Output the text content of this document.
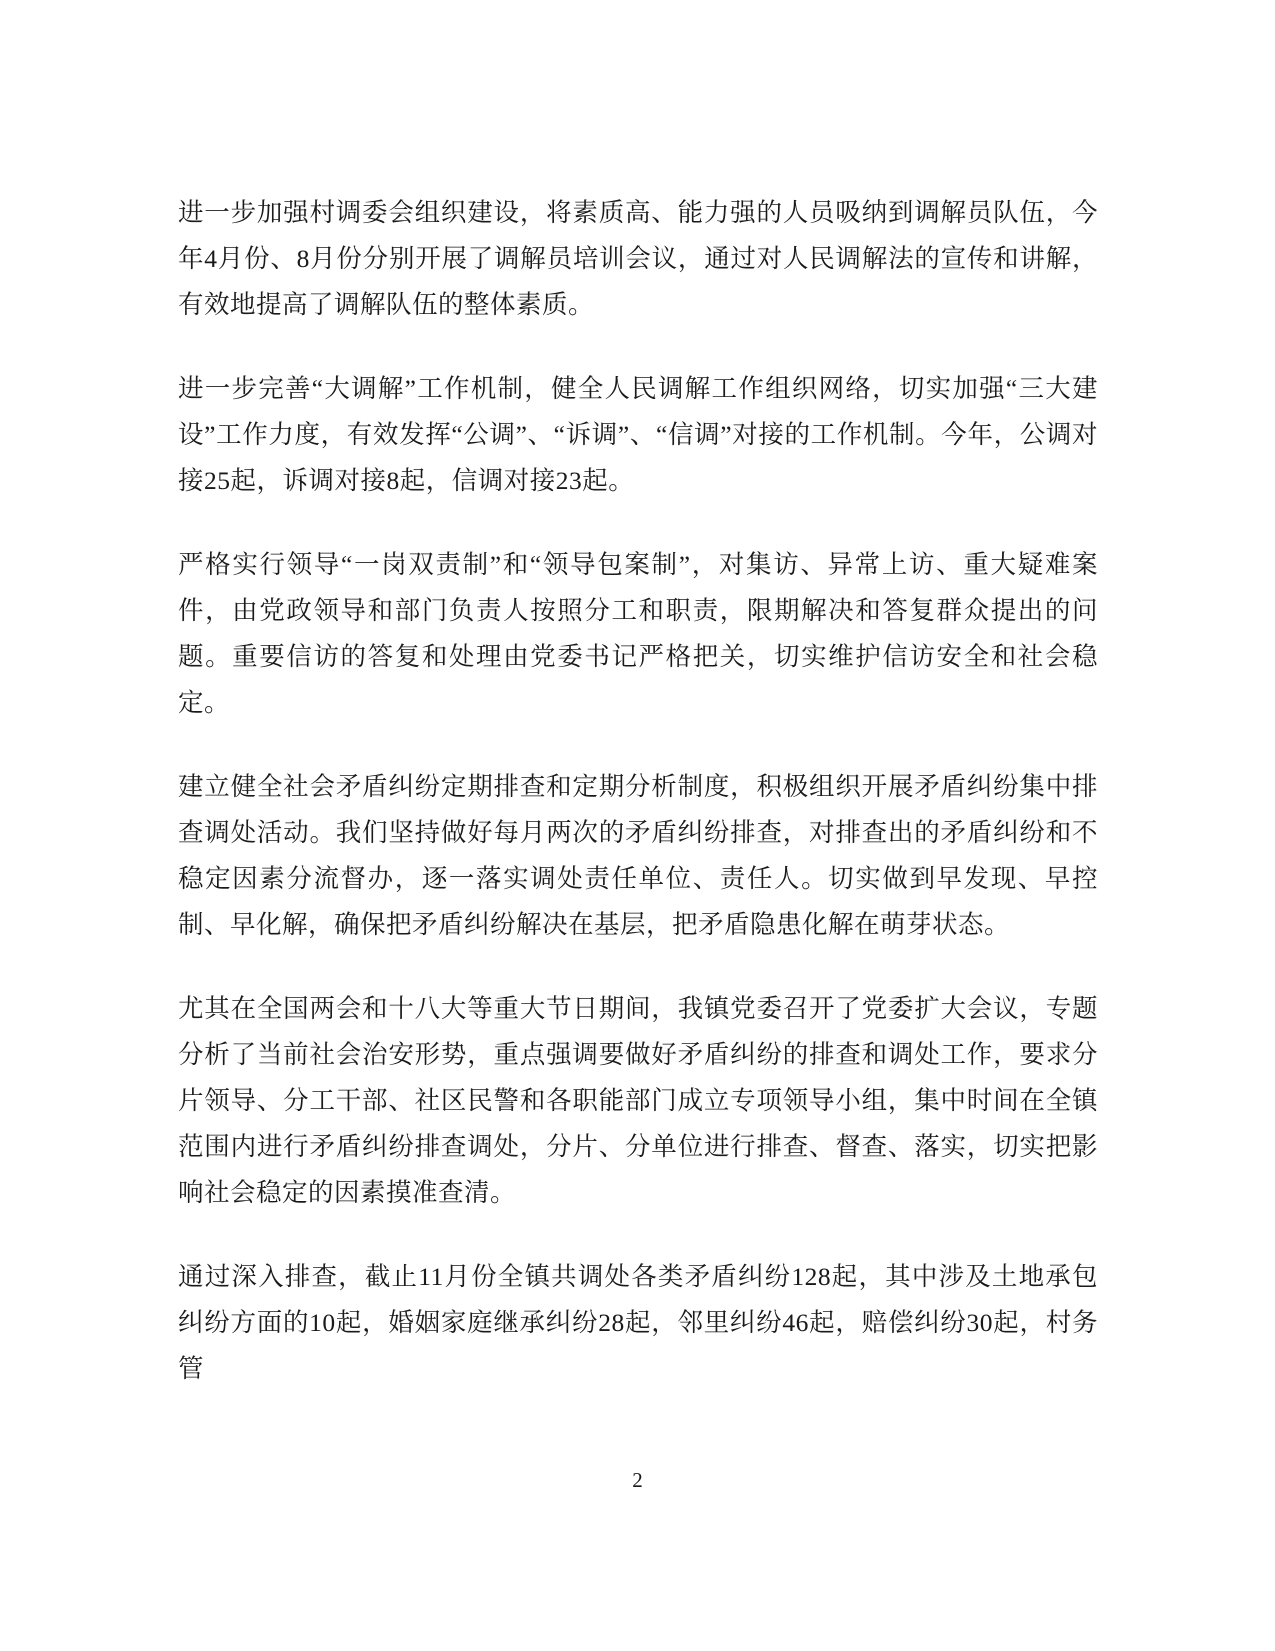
进一步加强村调委会组织建设，将素质高、能力强的人员吸纳到调解员队伍，今年4月份、8月份分别开展了调解员培训会议，通过对人民调解法的宣传和讲解，有效地提高了调解队伍的整体素质。

进一步完善“大调解”工作机制，健全人民调解工作组织网络，切实加强“三大建设”工作力度，有效发挥“公调”、“诉调”、“信调”对接的工作机制。今年，公调对接25起，诉调对接8起，信调对接23起。

严格实行领导“一岗双责制”和“领导包案制”，对集访、异常上访、重大疑难案件，由党政领导和部门负责人按照分工和职责，限期解决和答复群众提出的问题。重要信访的答复和处理由党委书记严格把关，切实维护信访安全和社会稳定。

建立健全社会矛盾纠纷定期排查和定期分析制度，积极组织开展矛盾纠纷集中排查调处活动。我们坚持做好每月两次的矛盾纠纷排查，对排查出的矛盾纠纷和不稳定因素分流督办，逐一落实调处责任单位、责任人。切实做到早发现、早控制、早化解，确保把矛盾纠纷解决在基层，把矛盾隐患化解在萌芽状态。

尤其在全国两会和十八大等重大节日期间，我镇党委召开了党委扩大会议，专题分析了当前社会治安形势，重点强调要做好矛盾纠纷的排查和调处工作，要求分片领导、分工干部、社区民警和各职能部门成立专项领导小组，集中时间在全镇范围内进行矛盾纠纷排查调处，分片、分单位进行排查、督查、落实，切实把影响社会稳定的因素摸准查清。

通过深入排查，截止11月份全镇共调处各类矛盾纠纷128起，其中涉及土地承包纠纷方面的10起，婚姻家庭继承纠纷28起，邻里纠纷46起，赔偿纠纷30起，村务管

2
